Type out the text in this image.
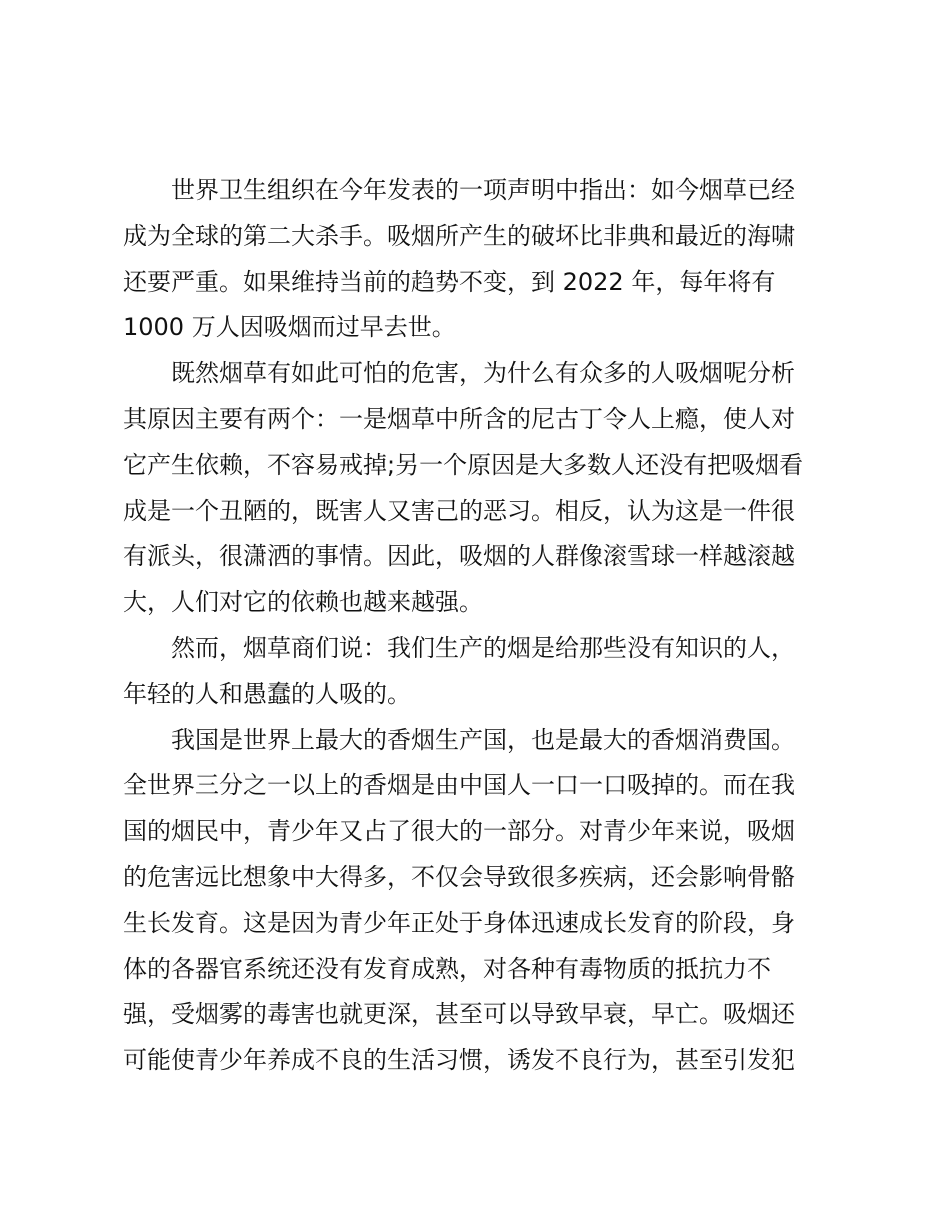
世界卫生组织在今年发表的一项声明中指出：如今烟草已经
成为全球的第二大杀手。吸烟所产生的破坏比非典和最近的海啸
还要严重。如果维持当前的趋势不变，到 2022 年，每年将有
1000 万人因吸烟而过早去世。

既然烟草有如此可怕的危害，为什么有众多的人吸烟呢分析
其原因主要有两个：一是烟草中所含的尼古丁令人上瘾，使人对
它产生依赖，不容易戒掉;另一个原因是大多数人还没有把吸烟看
成是一个丑陋的，既害人又害己的恶习。相反，认为这是一件很
有派头，很潇洒的事情。因此，吸烟的人群像滚雪球一样越滚越
大，人们对它的依赖也越来越强。

然而，烟草商们说：我们生产的烟是给那些没有知识的人，
年轻的人和愚蠢的人吸的。

我国是世界上最大的香烟生产国，也是最大的香烟消费国。
全世界三分之一以上的香烟是由中国人一口一口吸掉的。而在我
国的烟民中，青少年又占了很大的一部分。对青少年来说，吸烟
的危害远比想象中大得多，不仅会导致很多疾病，还会影响骨骼
生长发育。这是因为青少年正处于身体迅速成长发育的阶段，身
体的各器官系统还没有发育成熟，对各种有毒物质的抵抗力不
强，受烟雾的毒害也就更深，甚至可以导致早衰，早亡。吸烟还
可能使青少年养成不良的生活习惯，诱发不良行为，甚至引发犯
